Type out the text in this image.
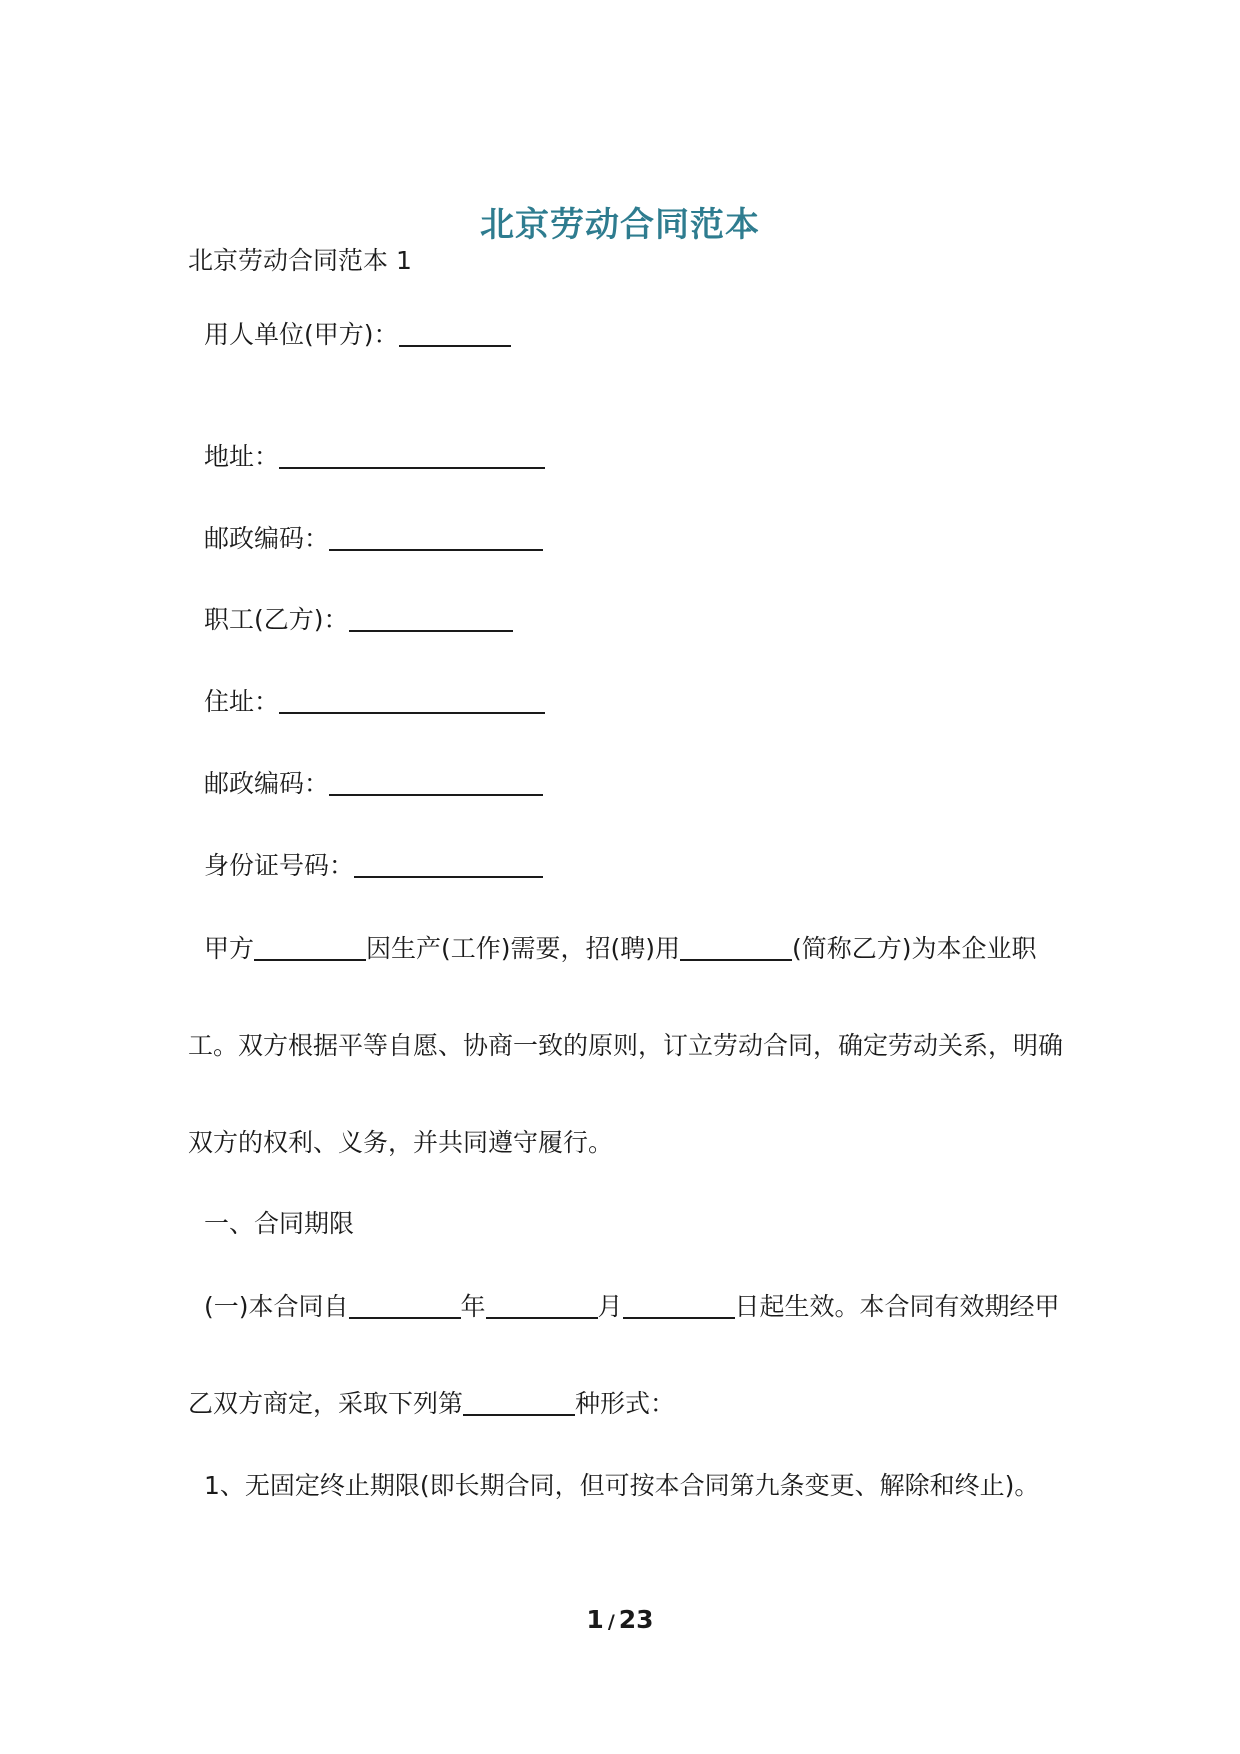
北京劳动合同范本
北京劳动合同范本 1
用人单位(甲方)：
地址：
邮政编码：
职工(乙方)：
住址：
邮政编码：
身份证号码：
甲方	因生产(工作)需要，招(聘)用	(简称乙方)为本企业职
工。双方根据平等自愿、协商一致的原则，订立劳动合同，确定劳动关系，明确
双方的权利、义务，并共同遵守履行。
一、合同期限
(一)本合同自	年	月	日起生效。本合同有效期经甲
乙双方商定，采取下列第	种形式：
1、无固定终止期限(即长期合同，但可按本合同第九条变更、解除和终止)。
1 / 23
